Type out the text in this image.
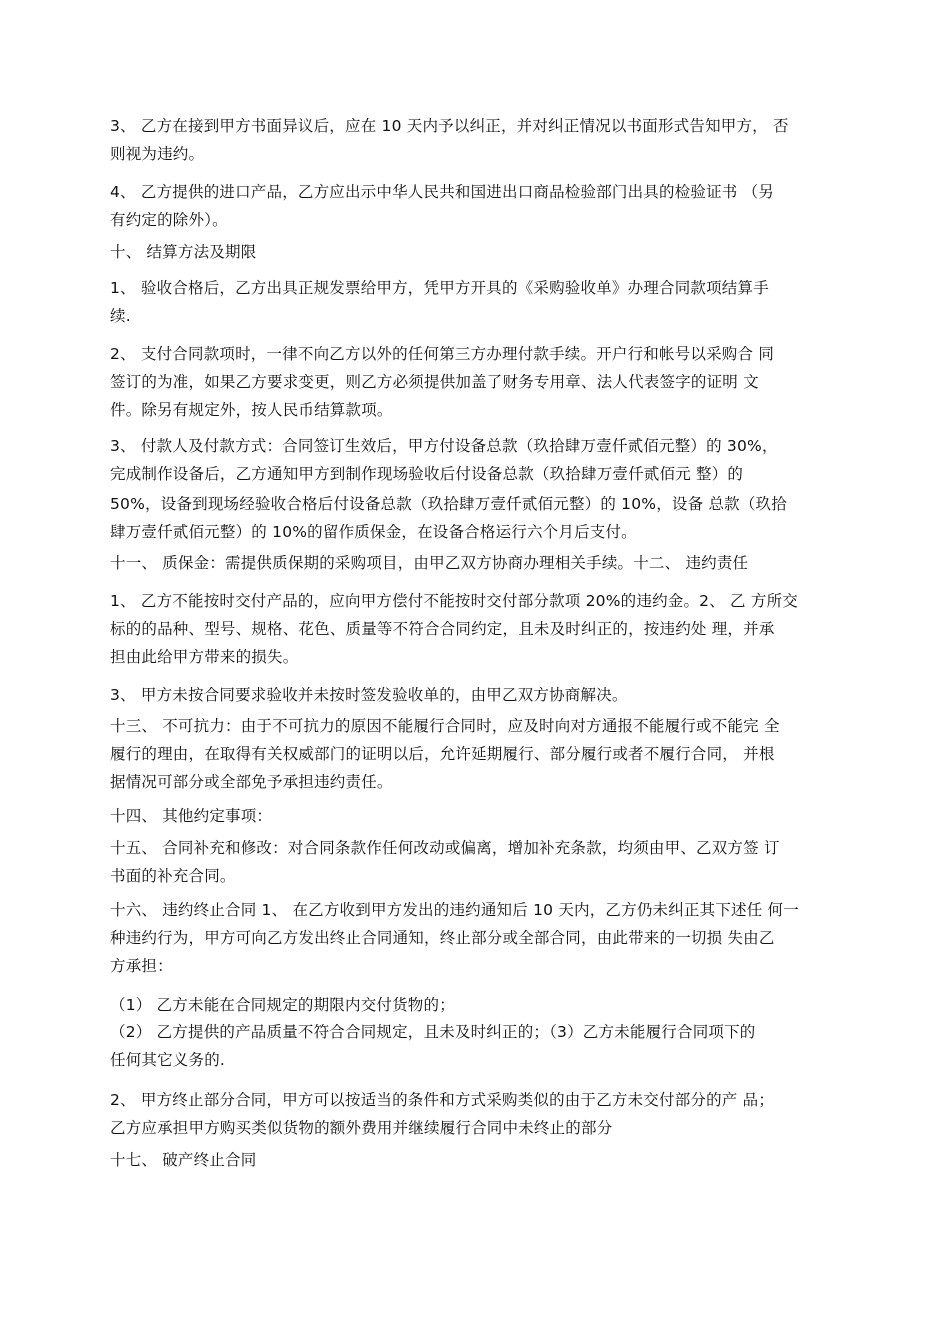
3、 乙方在接到甲方书面异议后，应在 10 天内予以纠正，并对纠正情况以书面形式告知甲方， 否
则视为违约。
4、 乙方提供的进口产品，乙方应出示中华人民共和国进出口商品检验部门出具的检验证书 （另
有约定的除外）。
十、 结算方法及期限
1、 验收合格后，乙方出具正规发票给甲方，凭甲方开具的《采购验收单》办理合同款项结算手
续.
2、 支付合同款项时，一律不向乙方以外的任何第三方办理付款手续。开户行和帐号以采购合 同
签订的为准，如果乙方要求变更，则乙方必须提供加盖了财务专用章、法人代表签字的证明 文
件。除另有规定外，按人民币结算款项。
3、 付款人及付款方式：合同签订生效后，甲方付设备总款（玖拾肆万壹仟贰佰元整）的 30%，
完成制作设备后，乙方通知甲方到制作现场验收后付设备总款（玖拾肆万壹仟贰佰元 整）的
50%，设备到现场经验收合格后付设备总款（玖拾肆万壹仟贰佰元整）的 10%，设备 总款（玖拾
肆万壹仟贰佰元整）的 10%的留作质保金，在设备合格运行六个月后支付。
十一、 质保金：需提供质保期的采购项目，由甲乙双方协商办理相关手续。十二、 违约责任
1、 乙方不能按时交付产品的，应向甲方偿付不能按时交付部分款项 20%的违约金。2、 乙 方所交
标的的品种、型号、规格、花色、质量等不符合合同约定，且未及时纠正的，按违约处 理，并承
担由此给甲方带来的损失。
3、 甲方未按合同要求验收并未按时签发验收单的，由甲乙双方协商解决。
十三、 不可抗力：由于不可抗力的原因不能履行合同时，应及时向对方通报不能履行或不能完 全
履行的理由，在取得有关权威部门的证明以后，允许延期履行、部分履行或者不履行合同， 并根
据情况可部分或全部免予承担违约责任。
十四、 其他约定事项：
十五、 合同补充和修改：对合同条款作任何改动或偏离，增加补充条款，均须由甲、乙双方签 订
书面的补充合同。
十六、 违约终止合同 1、 在乙方收到甲方发出的违约通知后 10 天内，乙方仍未纠正其下述任 何一
种违约行为，甲方可向乙方发出终止合同通知，终止部分或全部合同，由此带来的一切损 失由乙
方承担：
（1） 乙方未能在合同规定的期限内交付货物的；
（2） 乙方提供的产品质量不符合合同规定，且未及时纠正的；（3）乙方未能履行合同项下的
任何其它义务的.
2、 甲方终止部分合同，甲方可以按适当的条件和方式采购类似的由于乙方未交付部分的产 品；
乙方应承担甲方购买类似货物的额外费用并继续履行合同中未终止的部分
十七、 破产终止合同
